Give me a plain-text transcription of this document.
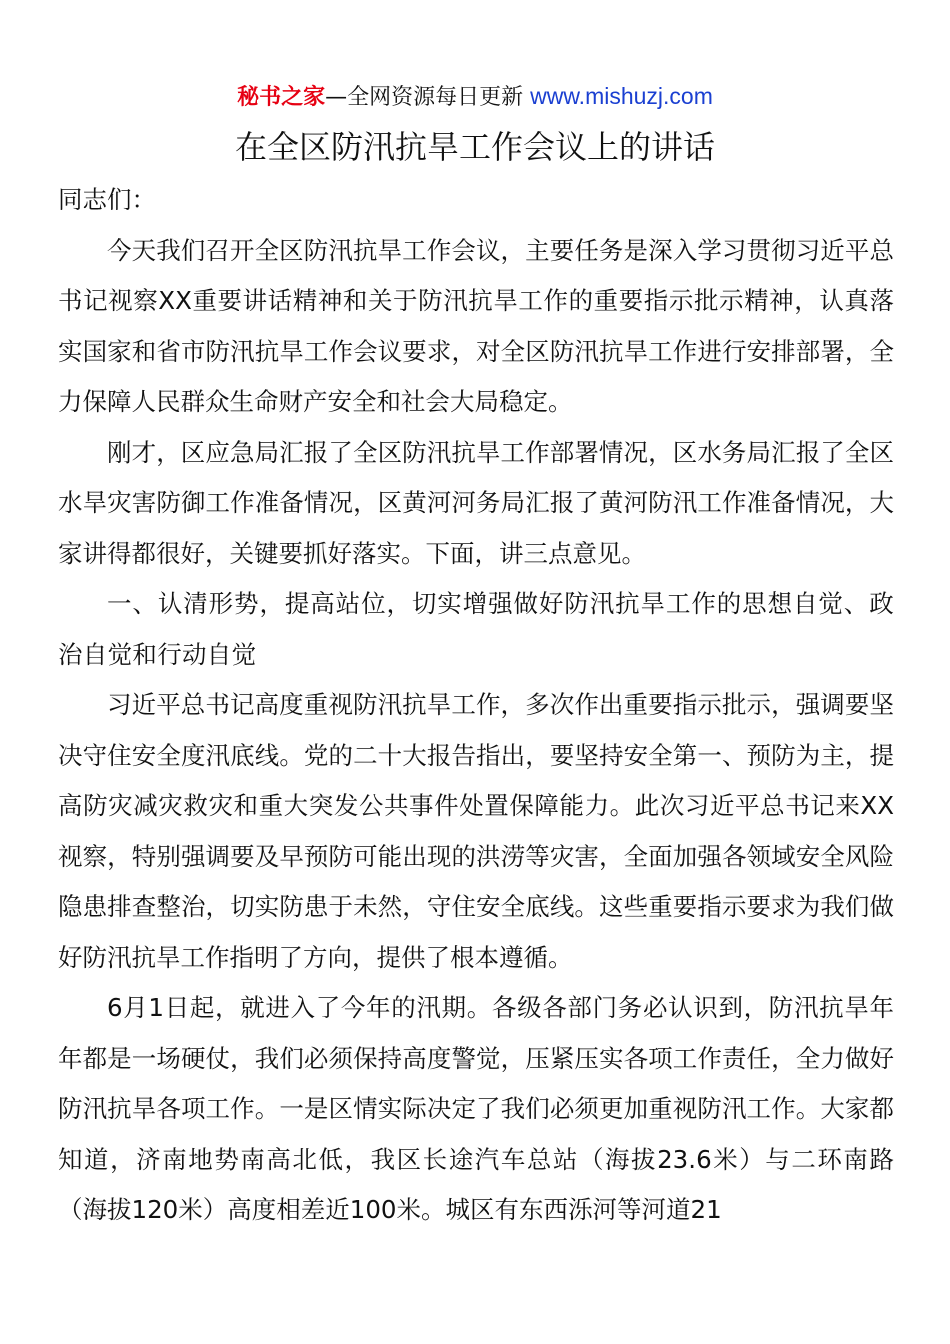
秘书之家—全网资源每日更新 www.mishuzj.com
在全区防汛抗旱工作会议上的讲话

同志们：

今天我们召开全区防汛抗旱工作会议，主要任务是深入学习贯彻习近平总书记视察XX重要讲话精神和关于防汛抗旱工作的重要指示批示精神，认真落实国家和省市防汛抗旱工作会议要求，对全区防汛抗旱工作进行安排部署，全力保障人民群众生命财产安全和社会大局稳定。

刚才，区应急局汇报了全区防汛抗旱工作部署情况，区水务局汇报了全区水旱灾害防御工作准备情况，区黄河河务局汇报了黄河防汛工作准备情况，大家讲得都很好，关键要抓好落实。下面，讲三点意见。

一、认清形势，提高站位，切实增强做好防汛抗旱工作的思想自觉、政治自觉和行动自觉

习近平总书记高度重视防汛抗旱工作，多次作出重要指示批示，强调要坚决守住安全度汛底线。党的二十大报告指出，要坚持安全第一、预防为主，提高防灾减灾救灾和重大突发公共事件处置保障能力。此次习近平总书记来XX视察，特别强调要及早预防可能出现的洪涝等灾害，全面加强各领域安全风险隐患排查整治，切实防患于未然，守住安全底线。这些重要指示要求为我们做好防汛抗旱工作指明了方向，提供了根本遵循。

6月1日起，就进入了今年的汛期。各级各部门务必认识到，防汛抗旱年年都是一场硬仗，我们必须保持高度警觉，压紧压实各项工作责任，全力做好防汛抗旱各项工作。一是区情实际决定了我们必须更加重视防汛工作。大家都知道，济南地势南高北低，我区长途汽车总站（海拔23.6米）与二环南路（海拔120米）高度相差近100米。城区有东西泺河等河道21
